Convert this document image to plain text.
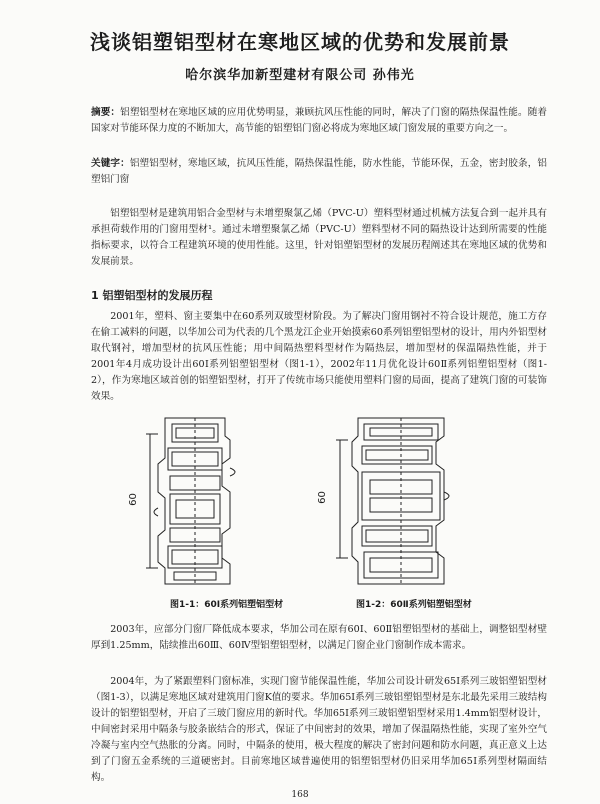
浅谈铝塑铝型材在寒地区域的优势和发展前景
哈尔滨华加新型建材有限公司 孙伟光
摘要：铝塑铝型材在寒地区域的应用优势明显，兼顾抗风压性能的同时，解决了门窗的隔热保温性能。随着国家对节能环保力度的不断加大，高节能的铝塑铝门窗必将成为寒地区域门窗发展的重要方向之一。
关键字：铝塑铝型材，寒地区域，抗风压性能，隔热保温性能，防水性能，节能环保，五金，密封胶条，铝塑铝门窗
铝塑铝型材是建筑用铝合金型材与未增塑聚氯乙烯（PVC-U）塑料型材通过机械方法复合到一起并具有承担荷载作用的门窗用型材¹。通过未增塑聚氯乙烯（PVC-U）塑料型材不同的隔热设计达到所需要的性能指标要求，以符合工程建筑环境的使用性能。这里，针对铝塑铝型材的发展历程阐述其在寒地区域的优势和发展前景。
1 铝塑铝型材的发展历程
2001年，塑料、窗主要集中在60系列双玻型材阶段。为了解决门窗用钢衬不符合设计规范，施工方存在偷工减料的问题，以华加公司为代表的几个黑龙江企业开始摸索60系列铝塑铝型材的设计，用内外铝型材取代钢衬，增加型材的抗风压性能；用中间隔热塑料型材作为隔热层，增加型材的保温隔热性能，并于2001年4月成功设计出60Ⅰ系列铝塑铝型材（图1-1），2002年11月优化设计60Ⅱ系列铝塑铝型材（图1-2），作为寒地区域首创的铝塑铝型材，打开了传统市场只能使用塑料门窗的局面，提高了建筑门窗的可装饰效果。
60	60
图1-1：60Ⅰ系列铝塑铝型材	图1-2：60Ⅱ系列铝塑铝型材
2003年，应部分门窗厂降低成本要求，华加公司在原有60Ⅰ、60Ⅱ铝塑铝型材的基础上，调整铝型材壁厚到1.25mm，陆续推出60Ⅲ、60Ⅳ型铝塑铝型材，以满足门窗企业门窗制作成本需求。
2004年，为了紧跟塑料门窗标准，实现门窗节能保温性能，华加公司设计研发65Ⅰ系列三玻铝塑铝型材（图1-3），以满足寒地区域对建筑用门窗K值的要求。华加65Ⅰ系列三玻铝塑铝型材是东北最先采用三玻结构设计的铝塑铝型材，开启了三玻门窗应用的新时代。华加65Ⅰ系列三玻铝塑铝型材采用1.4mm铝型材设计，中间密封采用中隔条与胶条嵌结合的形式，保证了中间密封的效果，增加了保温隔热性能，实现了室外空气冷凝与室内空气热胀的分离。同时，中隔条的使用，极大程度的解决了密封问题和防水问题，真正意义上达到了门窗五金系统的三道硬密封。目前寒地区域普遍使用的铝塑铝型材仍旧采用华加65Ⅰ系列型材隔面结构。
168
